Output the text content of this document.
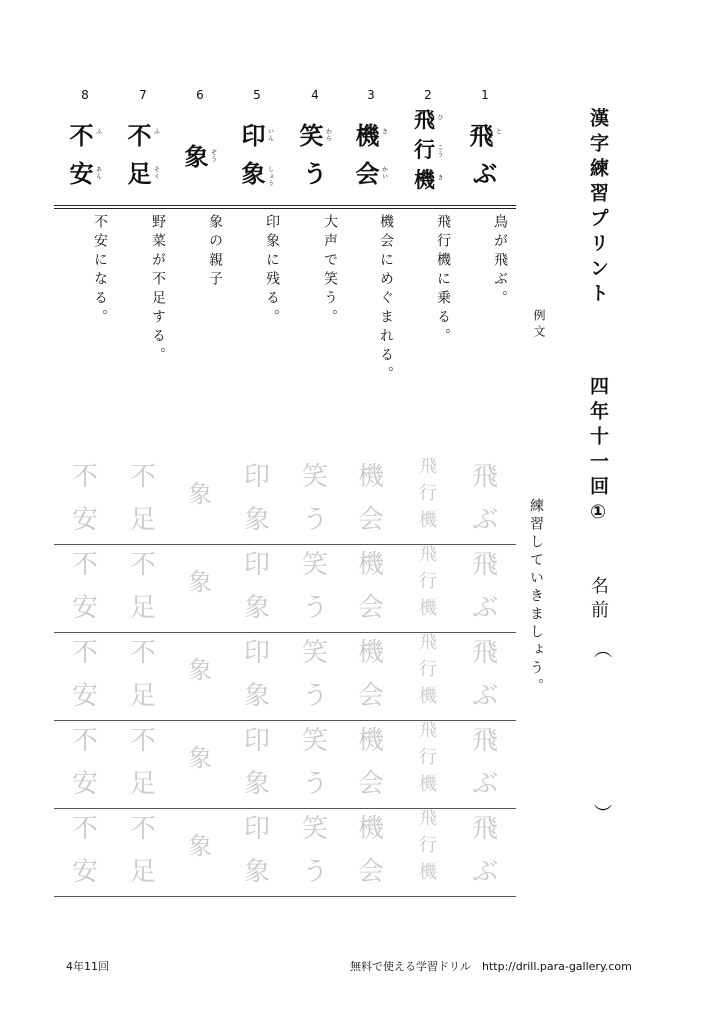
漢字練習プリント
四年十一回①
名前
︵
︶
例文
練習していきましょう。
1
飛 と
ぶ
鳥が飛ぶ。
2
飛 ひ
行 こう
機 き
飛行機に乗る。
3
機 き
会 かい
機会にめぐまれる。
4
笑 わら
う
大声で笑う。
5
印 いん
象 しょう
印象に残る。
6
象 ぞう
象の親子
7
不 ふ
足 そく
野菜が不足する。
8
不 ふ
安 あん
不安になる。
飛
ぶ
飛
ぶ
飛
ぶ
飛
ぶ
飛
ぶ
飛
行
機
飛
行
機
飛
行
機
飛
行
機
飛
行
機
機
会
機
会
機
会
機
会
機
会
笑
う
笑
う
笑
う
笑
う
笑
う
印
象
印
象
印
象
印
象
印
象
象
象
象
象
象
不
足
不
足
不
足
不
足
不
足
不
安
不
安
不
安
不
安
不
安
4年11回	無料で使える学習ドリル　http://drill.para-gallery.com
